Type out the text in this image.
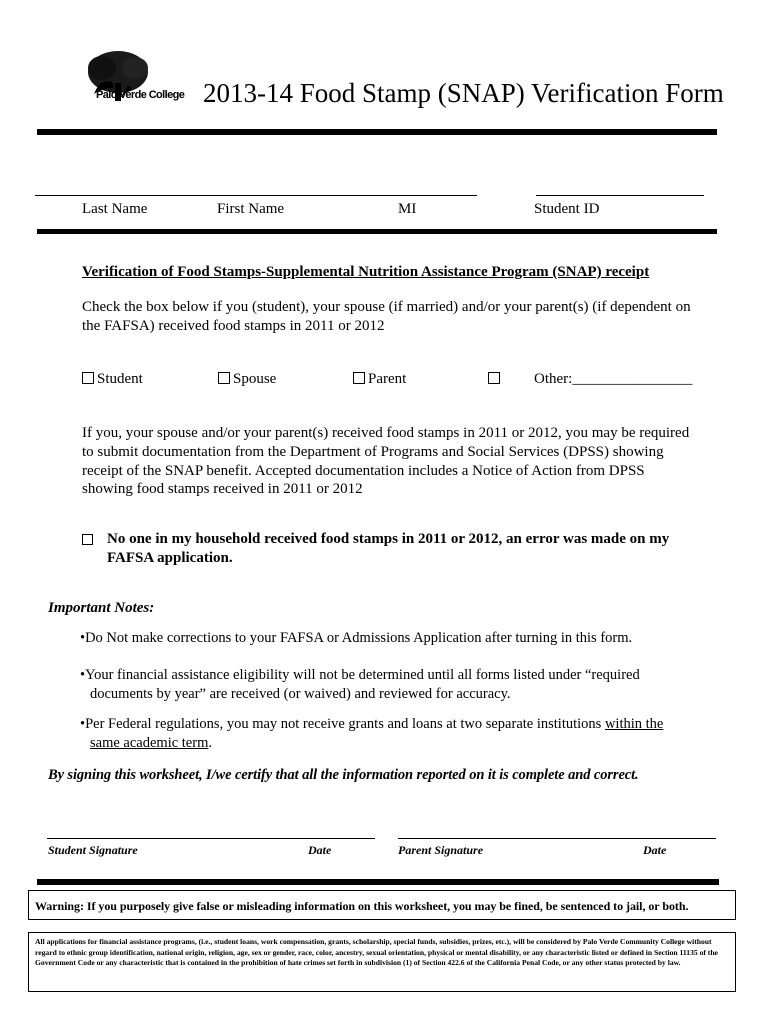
Palo Verde College 2013-14 Food Stamp (SNAP) Verification Form
Last Name	First Name	MI	Student ID
Verification of Food Stamps-Supplemental Nutrition Assistance Program (SNAP) receipt
Check the box below if you (student), your spouse (if married) and/or your parent(s) (if dependent on
the FAFSA) received food stamps in 2011 or 2012
Student	Spouse	Parent	Other:________________
If you, your spouse and/or your parent(s) received food stamps in 2011 or 2012, you may be required
to submit documentation from the Department of Programs and Social Services (DPSS) showing
receipt of the SNAP benefit. Accepted documentation includes a Notice of Action from DPSS
showing food stamps received in 2011 or 2012
No one in my household received food stamps in 2011 or 2012, an error was made on my
FAFSA application.
Important Notes:
•Do Not make corrections to your FAFSA or Admissions Application after turning in this form.
•Your financial assistance eligibility will not be determined until all forms listed under “required
documents by year” are received (or waived) and reviewed for accuracy.
•Per Federal regulations, you may not receive grants and loans at two separate institutions within the
same academic term.
By signing this worksheet, I/we certify that all the information reported on it is complete and correct.
Student Signature	Date	Parent Signature	Date
Warning: If you purposely give false or misleading information on this worksheet, you may be fined, be sentenced to jail, or both.
All applications for financial assistance programs, (i.e., student loans, work compensation, grants, scholarship, special funds, subsidies, prizes, etc.), will be considered by Palo Verde Community College without regard to ethnic group identification, national origin, religion, age, sex or gender, race, color, ancestry, sexual orientation, physical or mental disability, or any characteristic listed or defined in Section 11135 of the Government Code or any characteristic that is contained in the prohibition of hate crimes set forth in subdivision (1) of Section 422.6 of the California Penal Code, or any other status protected by law.
